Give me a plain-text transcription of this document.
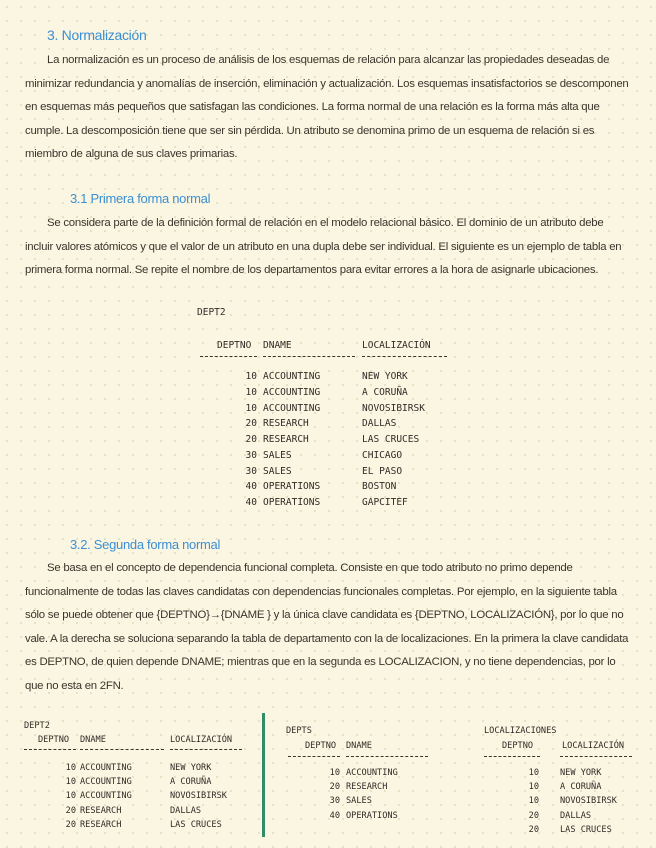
3. Normalización

La normalización es un proceso de análisis de los esquemas de relación para alcanzar las propiedades deseadas de minimizar redundancia y anomalías de inserción, eliminación y actualización. Los esquemas insatisfactorios se descomponen en esquemas más pequeños que satisfagan las condiciones. La forma normal de una relación es la forma más alta que cumple. La descomposición tiene que ser sin pérdida. Un atributo se denomina primo de un esquema de relación si es miembro de alguna de sus claves primarias.

3.1 Primera forma normal

Se considera parte de la definición formal de relación en el modelo relacional básico. El dominio de un atributo debe incluir valores atómicos y que el valor de un atributo en una dupla debe ser individual. El siguiente es un ejemplo de tabla en primera forma normal. Se repite el nombre de los departamentos para evitar errores a la hora de asignarle ubicaciones.

DEPT2
DEPTNO DNAME	LOCALIZACIÓN
10 ACCOUNTING	NEW YORK
10 ACCOUNTING	A CORUÑA
10 ACCOUNTING	NOVOSIBIRSK
20 RESEARCH	DALLAS
20 RESEARCH	LAS CRUCES
30 SALES	CHICAGO
30 SALES	EL PASO
40 OPERATIONS	BOSTON
40 OPERATIONS	GAPCITEF
3.2. Segunda forma normal

Se basa en el concepto de dependencia funcional completa. Consiste en que todo atributo no primo depende funcionalmente de todas las claves candidatas con dependencias funcionales completas. Por ejemplo, en la siguiente tabla sólo se puede obtener que {DEPTNO}→{DNAME } y la única clave candidata es {DEPTNO, LOCALIZACIÓN}, por lo que no vale. A la derecha se soluciona separando la tabla de departamento con la de localizaciones. En la primera la clave candidata es DEPTNO, de quien depende DNAME; mientras que en la segunda es LOCALIZACION, y no tiene dependencias, por lo que no esta en 2FN.

DEPT2
DEPTNO DNAME	LOCALIZACIÓN
10 ACCOUNTING	NEW YORK
10 ACCOUNTING	A CORUÑA
10 ACCOUNTING	NOVOSIBIRSK
20 RESEARCH	DALLAS
20 RESEARCH	LAS CRUCES
DEPTS
DEPTNO DNAME
10 ACCOUNTING
20 RESEARCH
30 SALES
40 OPERATIONS
LOCALIZACIONES
DEPTNO	LOCALIZACIÓN
10 NEW YORK
10 A CORUÑA
10 NOVOSIBIRSK
20 DALLAS
20 LAS CRUCES
